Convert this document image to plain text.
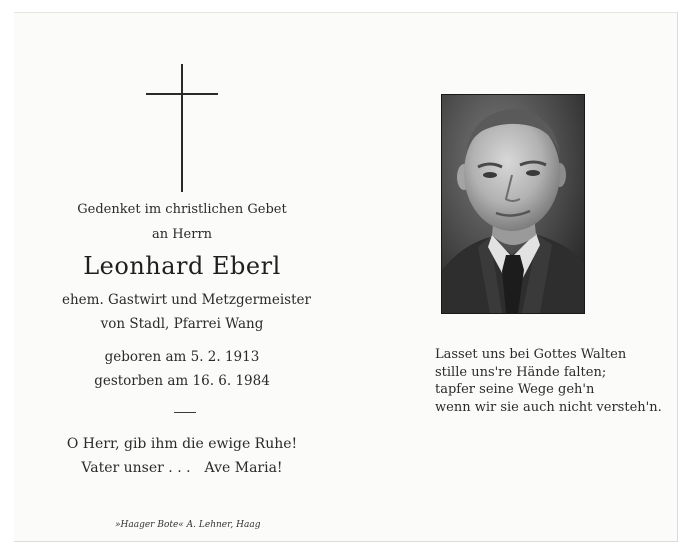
Gedenket im christlichen Gebet
an Herrn
Leonhard Eberl
ehem. Gastwirt und Metzgermeister
von Stadl, Pfarrei Wang
geboren am 5. 2. 1913
gestorben am 16. 6. 1984
O Herr, gib ihm die ewige Ruhe!
Vater unser . . . Ave Maria!
»Haager Bote« A. Lehner, Haag
Lasset uns bei Gottes Walten
stille uns're Hände falten;
tapfer seine Wege geh'n
wenn wir sie auch nicht versteh'n.
